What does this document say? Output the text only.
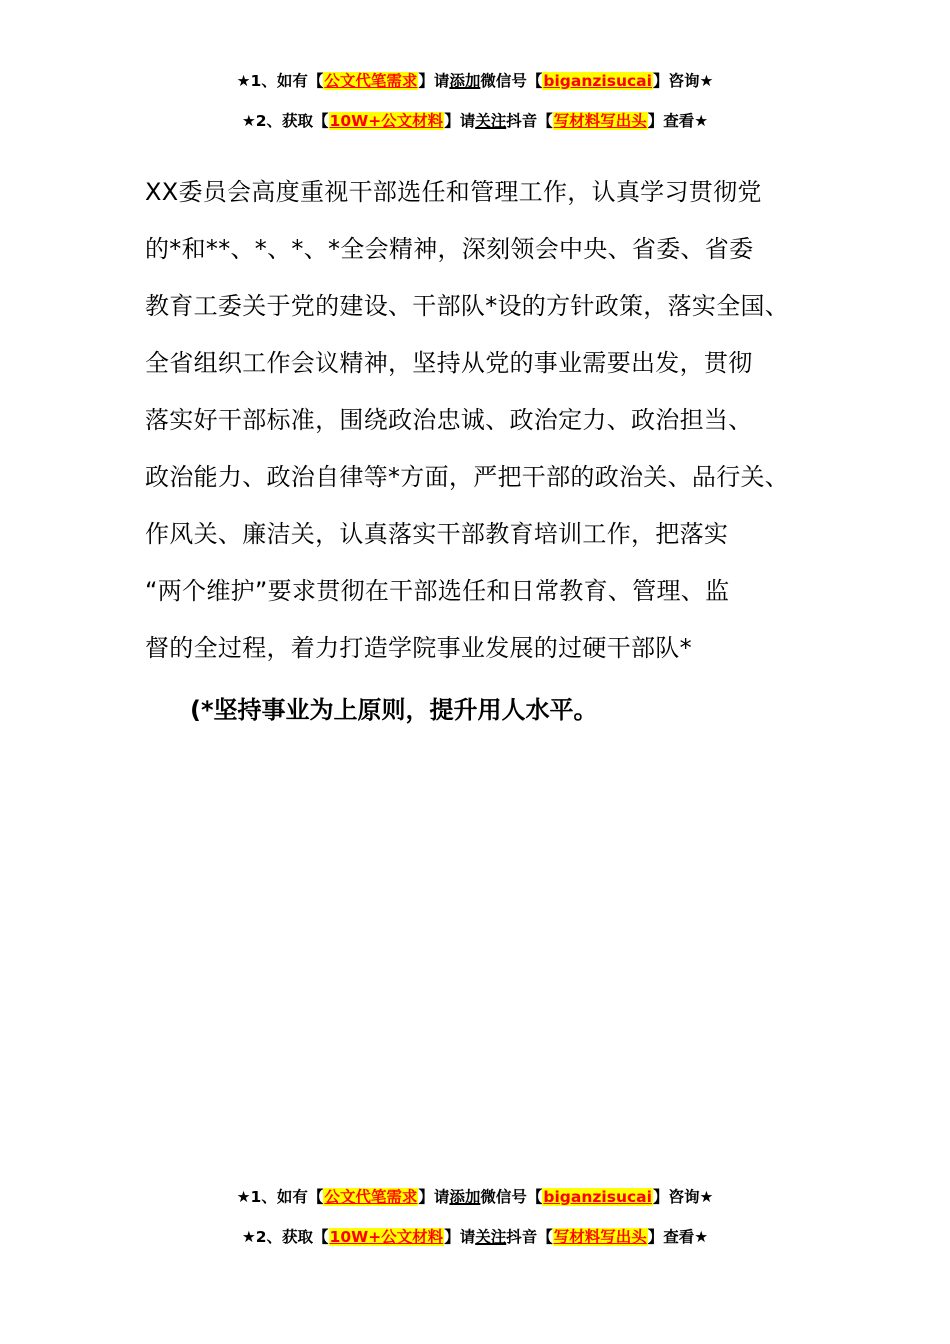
★1、如有【公文代笔需求】请添加微信号【biganzisucai】咨询★
★2、获取【10W+公文材料】请关注抖音【写材料写出头】查看★
XX委员会高度重视干部选任和管理工作，认真学习贯彻党
的*和**、*、*、*全会精神，深刻领会中央、省委、省委
教育工委关于党的建设、干部队*设的方针政策，落实全国、
全省组织工作会议精神，坚持从党的事业需要出发，贯彻
落实好干部标准，围绕政治忠诚、政治定力、政治担当、
政治能力、政治自律等*方面，严把干部的政治关、品行关、
作风关、廉洁关，认真落实干部教育培训工作，把落实
“两个维护”要求贯彻在干部选任和日常教育、管理、监
督的全过程，着力打造学院事业发展的过硬干部队*
(*坚持事业为上原则，提升用人水平。
★1、如有【公文代笔需求】请添加微信号【biganzisucai】咨询★
★2、获取【10W+公文材料】请关注抖音【写材料写出头】查看★
